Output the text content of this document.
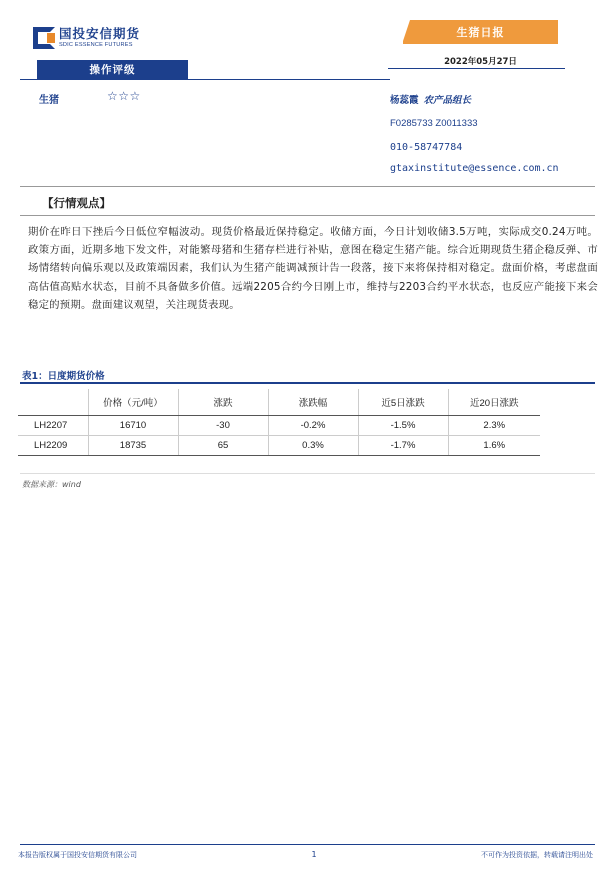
国投安信期货
SDIC ESSENCE FUTURES
生猪日报
2022年05月27日
操作评级
生猪	☆☆☆	杨蕊霞 农产品组长
F0285733 Z0011333
010-58747784
gtaxinstitute@essence.com.cn
【行情观点】
期价在昨日下挫后今日低位窄幅波动。现货价格最近保持稳定。收储方面，今日计划收储3.5万吨，实际成交0.24万吨。政策方面，近期多地下发文件，对能繁母猪和生猪存栏进行补贴，意图在稳定生猪产能。综合近期现货生猪企稳反弹、市场情绪转向偏乐观以及政策端因素，我们认为生猪产能调减预计告一段落，接下来将保持相对稳定。盘面价格，考虑盘面高估值高贴水状态，目前不具备做多价值。远端2205合约今日刚上市，维持与2203合约平水状态，也反应产能接下来会稳定的预期。盘面建议观望，关注现货表现。
表1：日度期货价格
	价格（元/吨）	涨跌	涨跌幅	近5日涨跌	近20日涨跌
LH2207	16710	-30	-0.2%	-1.5%	2.3%
LH2209	18735	65	0.3%	-1.7%	1.6%
数据来源：wind
本报告版权属于国投安信期货有限公司	1	不可作为投资依据，转载请注明出处
